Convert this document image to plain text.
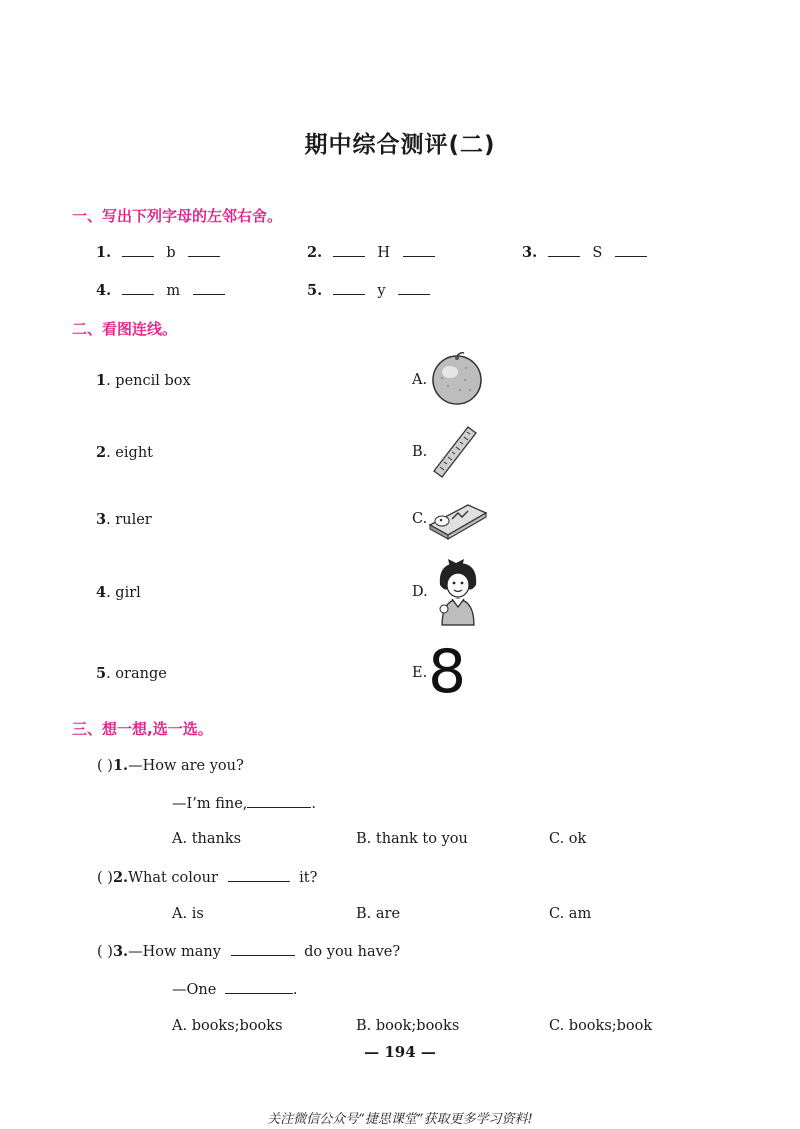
期中综合测评(二)
一、写出下列字母的左邻右舍。
1.	b	2.	H	3.	S
4.	m	5.	y
二、看图连线。
1. pencil box
2. eight
3. ruler
4. girl
5. orange
A.
B.
C.
D.
E. 8
三、想一想,选一选。
( )1.—How are you?
—I’m fine,	.
A. thanks	B. thank to you	C. ok
( )2.What colour	it?
A. is	B. are	C. am
( )3.—How many	do you have?
—One	.
A. books;books	B. book;books	C. books;book
— 194 —
关注微信公众号“捷思课堂”获取更多学习资料!
